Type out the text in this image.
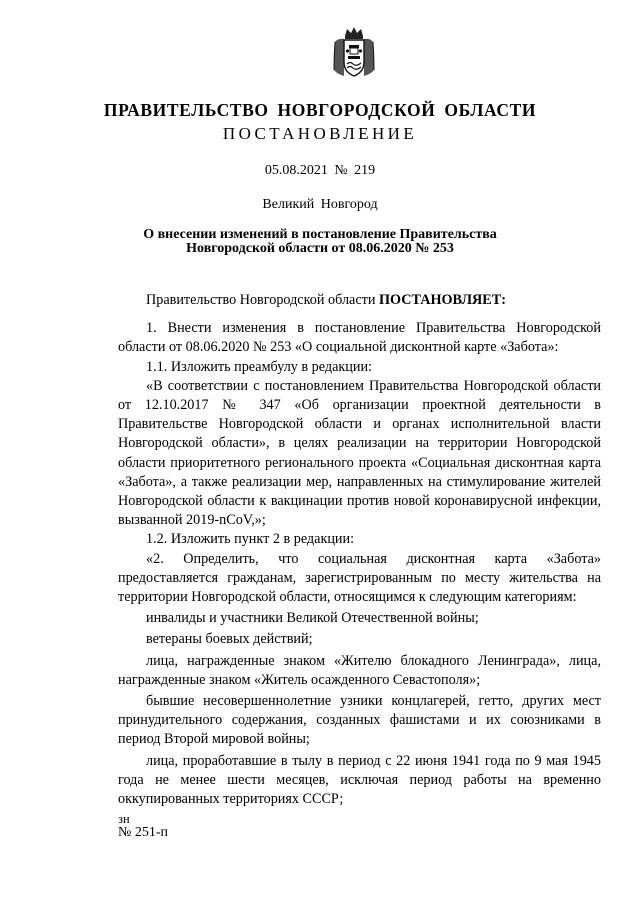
ПРАВИТЕЛЬСТВО НОВГОРОДСКОЙ ОБЛАСТИ
ПОСТАНОВЛЕНИЕ
05.08.2021 № 219
Великий Новгород
О внесении изменений в постановление Правительства
Новгородской области от 08.06.2020 № 253

Правительство Новгородской области ПОСТАНОВЛЯЕТ:

1. Внести изменения в постановление Правительства Новгородской области от 08.06.2020 № 253 «О социальной дисконтной карте «Забота»:

1.1. Изложить преамбулу в редакции:

«В соответствии с постановлением Правительства Новгородской области от 12.10.2017 № 347 «Об организации проектной деятельности в Правительстве Новгородской области и органах исполнительной власти Новгородской области», в целях реализации на территории Новгородской области приоритетного регионального проекта «Социальная дисконтная карта «Забота», а также реализации мер, направленных на стимулирование жителей Новгородской области к вакцинации против новой коронавирусной инфекции, вызванной 2019-nCoV,»;

1.2. Изложить пункт 2 в редакции:

«2. Определить, что социальная дисконтная карта «Забота» предоставляется гражданам, зарегистрированным по месту жительства на территории Новгородской области, относящимся к следующим категориям:

инвалиды и участники Великой Отечественной войны;

ветераны боевых действий;

лица, награжденные знаком «Жителю блокадного Ленинграда», лица, награжденные знаком «Житель осажденного Севастополя»;

бывшие несовершеннолетние узники концлагерей, гетто, других мест принудительного содержания, созданных фашистами и их союзниками в период Второй мировой войны;

лица, проработавшие в тылу в период с 22 июня 1941 года по 9 мая 1945 года не менее шести месяцев, исключая период работы на временно оккупированных территориях СССР;

зн
№ 251-п
